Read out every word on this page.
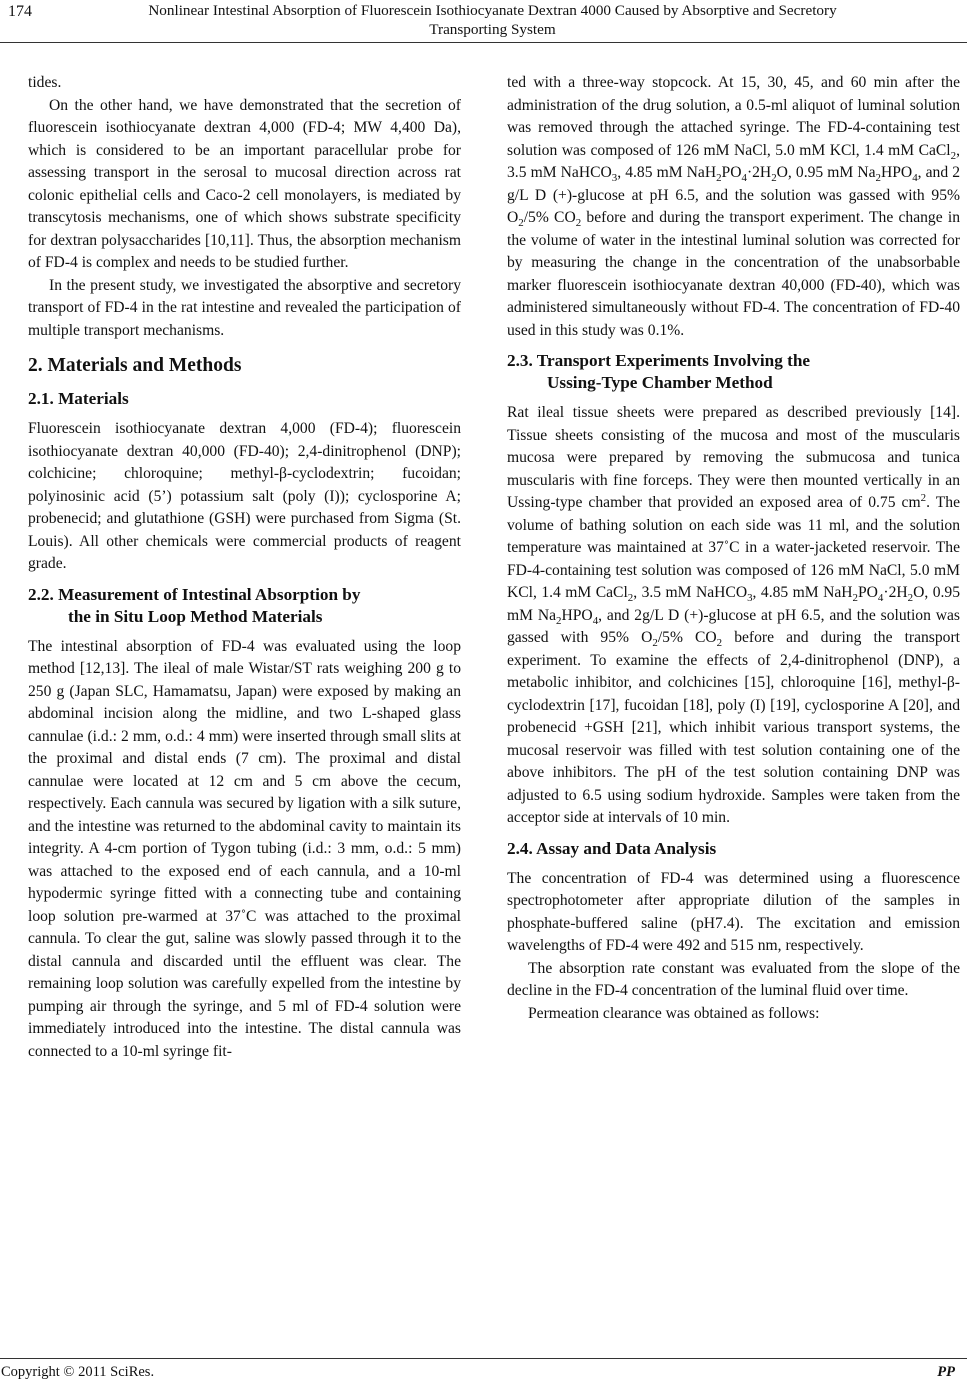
174	Nonlinear Intestinal Absorption of Fluorescein Isothiocyanate Dextran 4000 Caused by Absorptive and Secretory
Transporting System

tides.

On the other hand, we have demonstrated that the secretion of fluorescein isothiocyanate dextran 4,000 (FD-4; MW 4,400 Da), which is considered to be an important paracellular probe for assessing transport in the serosal to mucosal direction across rat colonic epithelial cells and Caco-2 cell monolayers, is mediated by transcytosis mechanisms, one of which shows substrate specificity for dextran polysaccharides [10,11]. Thus, the absorption mechanism of FD-4 is complex and needs to be studied further.

In the present study, we investigated the absorptive and secretory transport of FD-4 in the rat intestine and revealed the participation of multiple transport mechanisms.

2. Materials and Methods
2.1. Materials

Fluorescein isothiocyanate dextran 4,000 (FD-4); fluorescein isothiocyanate dextran 40,000 (FD-40); 2,4-dinitrophenol (DNP); colchicine; chloroquine; methyl-β-cyclodextrin; fucoidan; polyinosinic acid (5’) potassium salt (poly (I)); cyclosporine A; probenecid; and glutathione (GSH) were purchased from Sigma (St. Louis). All other chemicals were commercial products of reagent grade.

2.2. Measurement of Intestinal Absorption by
the in Situ Loop Method Materials

The intestinal absorption of FD-4 was evaluated using the loop method [12,13]. The ileal of male Wistar/ST rats weighing 200 g to 250 g (Japan SLC, Hamamatsu, Japan) were exposed by making an abdominal incision along the midline, and two L-shaped glass cannulae (i.d.: 2 mm, o.d.: 4 mm) were inserted through small slits at the proximal and distal ends (7 cm). The proximal and distal cannulae were located at 12 cm and 5 cm above the cecum, respectively. Each cannula was secured by ligation with a silk suture, and the intestine was returned to the abdominal cavity to maintain its integrity. A 4-cm portion of Tygon tubing (i.d.: 3 mm, o.d.: 5 mm) was attached to the exposed end of each cannula, and a 10-ml hypodermic syringe fitted with a connecting tube and containing loop solution pre-warmed at 37˚C was attached to the proximal cannula. To clear the gut, saline was slowly passed through it to the distal cannula and discarded until the effluent was clear. The remaining loop solution was carefully expelled from the intestine by pumping air through the syringe, and 5 ml of FD-4 solution were immediately introduced into the intestine. The distal cannula was connected to a 10-ml syringe fit-

ted with a three-way stopcock. At 15, 30, 45, and 60 min after the administration of the drug solution, a 0.5-ml aliquot of luminal solution was removed through the attached syringe. The FD-4-containing test solution was composed of 126 mM NaCl, 5.0 mM KCl, 1.4 mM CaCl$_2$, 3.5 mM NaHCO$_3$, 4.85 mM $NaH_2PO_4\cdot 2H_2O$, 0.95 mM $Na_2HPO_4$, and 2 g/L D (+)-glucose at pH 6.5, and the solution was gassed with 95% $O_2/5\%$ $CO_2$ before and during the transport experiment. The change in the volume of water in the intestinal luminal solution was corrected for by measuring the change in the concentration of the unabsorbable marker fluorescein isothiocyanate dextran 40,000 (FD-40), which was administered simultaneously without FD-4. The concentration of FD-40 used in this study was 0.1%.

2.3. Transport Experiments Involving the
Ussing-Type Chamber Method

Rat ileal tissue sheets were prepared as described previously [14]. Tissue sheets consisting of the mucosa and most of the muscularis mucosa were prepared by removing the submucosa and tunica muscularis with fine forceps. They were then mounted vertically in an Ussing-type chamber that provided an exposed area of 0.75 $cm^2$. The volume of bathing solution on each side was 11 ml, and the solution temperature was maintained at 37˚C in a water-jacketed reservoir. The FD-4-containing test solution was composed of 126 mM NaCl, 5.0 mM KCl, 1.4 mM CaCl$_2$, 3.5 mM NaHCO$_3$, 4.85 mM $NaH_2PO_4\cdot 2H_2O$, 0.95 mM $Na_2HPO_4$, and 2g/L D (+)-glucose at pH 6.5, and the solution was gassed with 95% $O_2/5\%$ $CO_2$ before and during the transport experiment. To examine the effects of 2,4-dinitrophenol (DNP), a metabolic inhibitor, and colchicines [15], chloroquine [16], methyl-β-cyclodextrin [17], fucoidan [18], poly (I) [19], cyclosporine A [20], and probenecid +GSH [21], which inhibit various transport systems, the mucosal reservoir was filled with test solution containing one of the above inhibitors. The pH of the test solution containing DNP was adjusted to 6.5 using sodium hydroxide. Samples were taken from the acceptor side at intervals of 10 min.

2.4. Assay and Data Analysis

The concentration of FD-4 was determined using a fluorescence spectrophotometer after appropriate dilution of the samples in phosphate-buffered saline (pH7.4). The excitation and emission wavelengths of FD-4 were 492 and 515 nm, respectively.

The absorption rate constant was evaluated from the slope of the decline in the FD-4 concentration of the luminal fluid over time.

Permeation clearance was obtained as follows:

Copyright © 2011 SciRes.	PP
